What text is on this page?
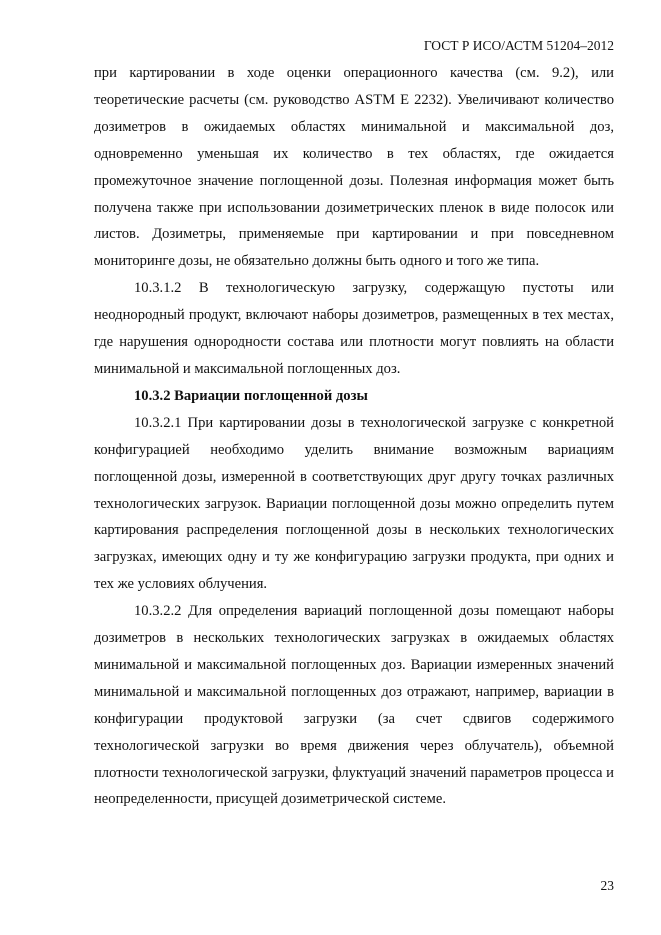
ГОСТ Р ИСО/АСТМ 51204–2012

при картировании в ходе оценки операционного качества (см. 9.2), или теоретические расчеты (см. руководство ASTM E 2232). Увеличивают количество дозиметров в ожидаемых областях минимальной и максимальной доз, одновременно уменьшая их количество в тех областях, где ожидается промежуточное значение поглощенной дозы. Полезная информация может быть получена также при использовании дозиметрических пленок в виде полосок или листов. Дозиметры, применяемые при картировании и при повседневном мониторинге дозы, не обязательно должны быть одного и того же типа.

10.3.1.2 В технологическую загрузку, содержащую пустоты или неоднородный продукт, включают наборы дозиметров, размещенных в тех местах, где нарушения однородности состава или плотности могут повлиять на области минимальной и максимальной поглощенных доз.

10.3.2 Вариации поглощенной дозы

10.3.2.1 При картировании дозы в технологической загрузке с конкретной конфигурацией необходимо уделить внимание возможным вариациям поглощенной дозы, измеренной в соответствующих друг другу точках различных технологических загрузок. Вариации поглощенной дозы можно определить путем картирования распределения поглощенной дозы в нескольких технологических загрузках, имеющих одну и ту же конфигурацию загрузки продукта, при одних и тех же условиях облучения.

10.3.2.2 Для определения вариаций поглощенной дозы помещают наборы дозиметров в нескольких технологических загрузках в ожидаемых областях минимальной и максимальной поглощенных доз. Вариации измеренных значений минимальной и максимальной поглощенных доз отражают, например, вариации в конфигурации продуктовой загрузки (за счет сдвигов содержимого технологической загрузки во время движения через облучатель), объемной плотности технологической загрузки, флуктуаций значений параметров процесса и неопределенности, присущей дозиметрической системе.

23
